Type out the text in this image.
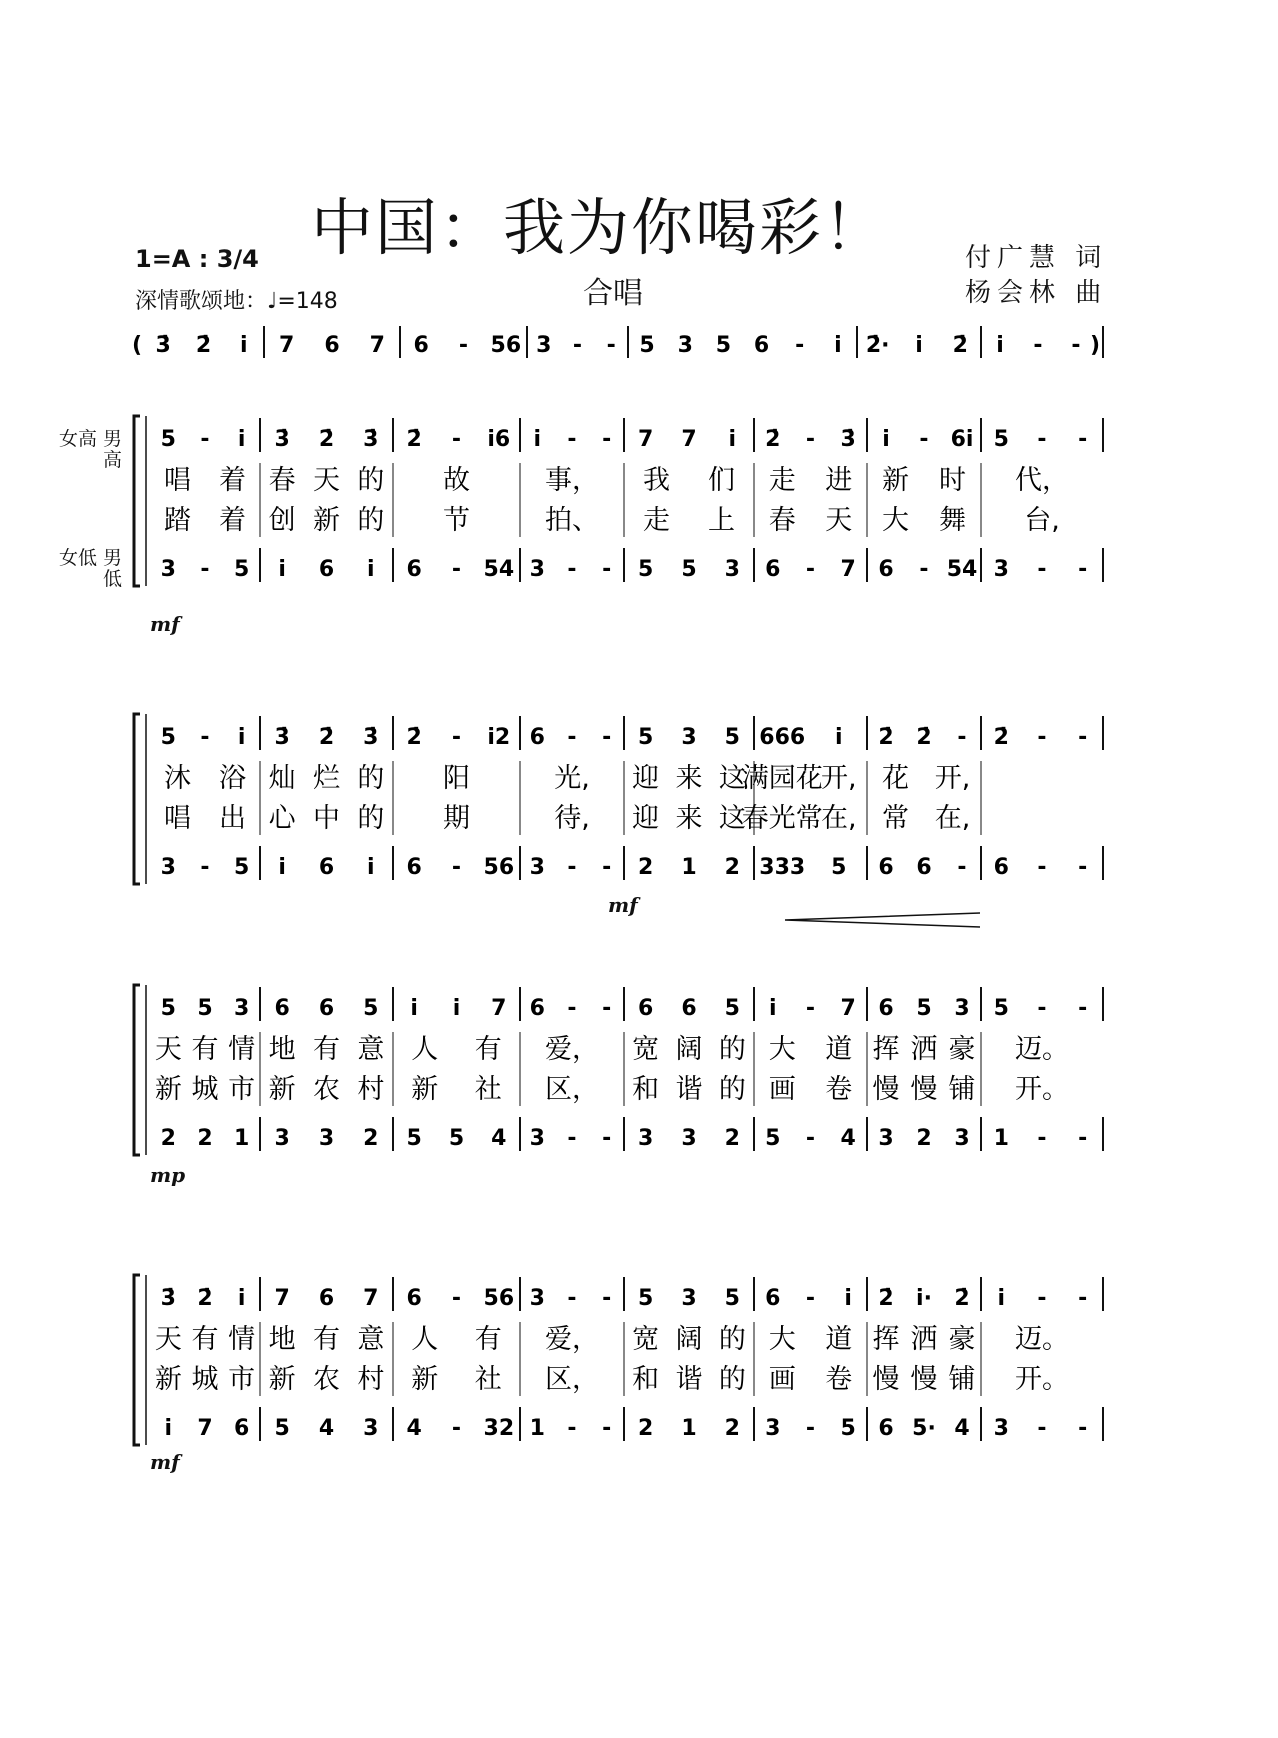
中国：我为你喝彩！
合唱
1=A : 3/4
深情歌颂地：♩=148
付广慧 词
杨会林 曲
女高 男高
女低 男低
mf
mf
mp
mf
( 3̇ 2̇ i 7 6 7 6 - 56 3 - - 5 3 5 6 - i 2̇· i 2̇ i - - )
5 - i 3̇ 2̇ 3̇ 2̇ - i6 i - - 7 7 i 2̇ - 3̇ i - 6i 5 - -
唱 着 春 天 的 故	事， 我 们 走 进 新 时 代，
踏 着 创 新 的 节	拍、 走 上 春 天 大 舞 台,
3 - 5 i 6 i 6 - 54 3 - - 5 5 3 6 - 7 6 - 54 3 - -
5 - i 3̇ 2̇ 3̇ 2̇ - i2 6 - - 5 3 5 666 i 2̇ 2̇ - 2̇ - -
沐 浴 灿 烂 的 阳	光, 迎 来 这
满园花
开, 花 开,
唱 出 心 中 的 期	待, 迎 来 这
春光常
在, 常 在,
3 - 5 i 6 i 6 - 56 3 - - 2 1 2 333 5 6 6 - 6 - -
5 5 3 6 6 5 i i 7 6 - - 6 6 5 i - 7 6 5 3 5 - -
天 有 情 地 有 意 人 有 爱， 宽 阔 的 大 道 挥 洒 豪 迈。
新 城 市 新 农 村 新 社 区， 和 谐 的 画 卷 慢 慢 铺 开。
2 2 1 3 3 2 5 5 4 3 - - 3 3 2 5 - 4 3 2 3 1 - -
3̇ 2̇ i 7 6 7 6 - 56 3 - - 5 3 5 6 - i 2̇ i· 2̇ i - -
天 有 情 地 有 意 人 有 爱， 宽 阔 的 大 道 挥 洒 豪 迈。
新 城 市 新 农 村 新 社 区， 和 谐 的 画 卷 慢 慢 铺 开。
i 7 6 5 4 3 4 - 32 1 - - 2 1 2 3 - 5 6 5· 4 3 - -
